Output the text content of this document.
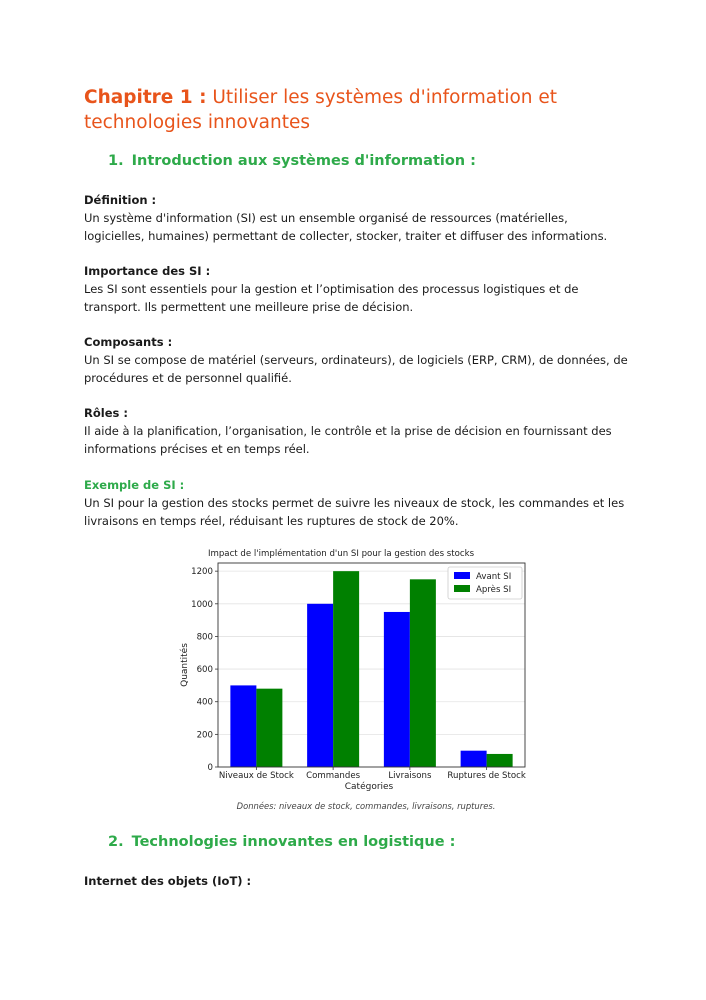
Chapitre 1 : Utiliser les systèmes d'information et technologies innovantes
1. Introduction aux systèmes d'information :

Définition :

Un système d'information (SI) est un ensemble organisé de ressources (matérielles, logicielles, humaines) permettant de collecter, stocker, traiter et diffuser des informations.

Importance des SI :

Les SI sont essentiels pour la gestion et l’optimisation des processus logistiques et de transport. Ils permettent une meilleure prise de décision.

Composants :

Un SI se compose de matériel (serveurs, ordinateurs), de logiciels (ERP, CRM), de données, de procédures et de personnel qualifié.

Rôles :

Il aide à la planification, l’organisation, le contrôle et la prise de décision en fournissant des informations précises et en temps réel.

Exemple de SI :

Un SI pour la gestion des stocks permet de suivre les niveaux de stock, les commandes et les livraisons en temps réel, réduisant les ruptures de stock de 20%.

Impact de l'implémentation d'un SI pour la gestion des stocks
0
200
400
600
800
1000
1200
Niveaux de Stock Commandes	Livraisons Ruptures de Stock
Catégories
Quantités
Avant SI
Après SI
Données: niveaux de stock, commandes, livraisons, ruptures.
2. Technologies innovantes en logistique :

Internet des objets (IoT) :
